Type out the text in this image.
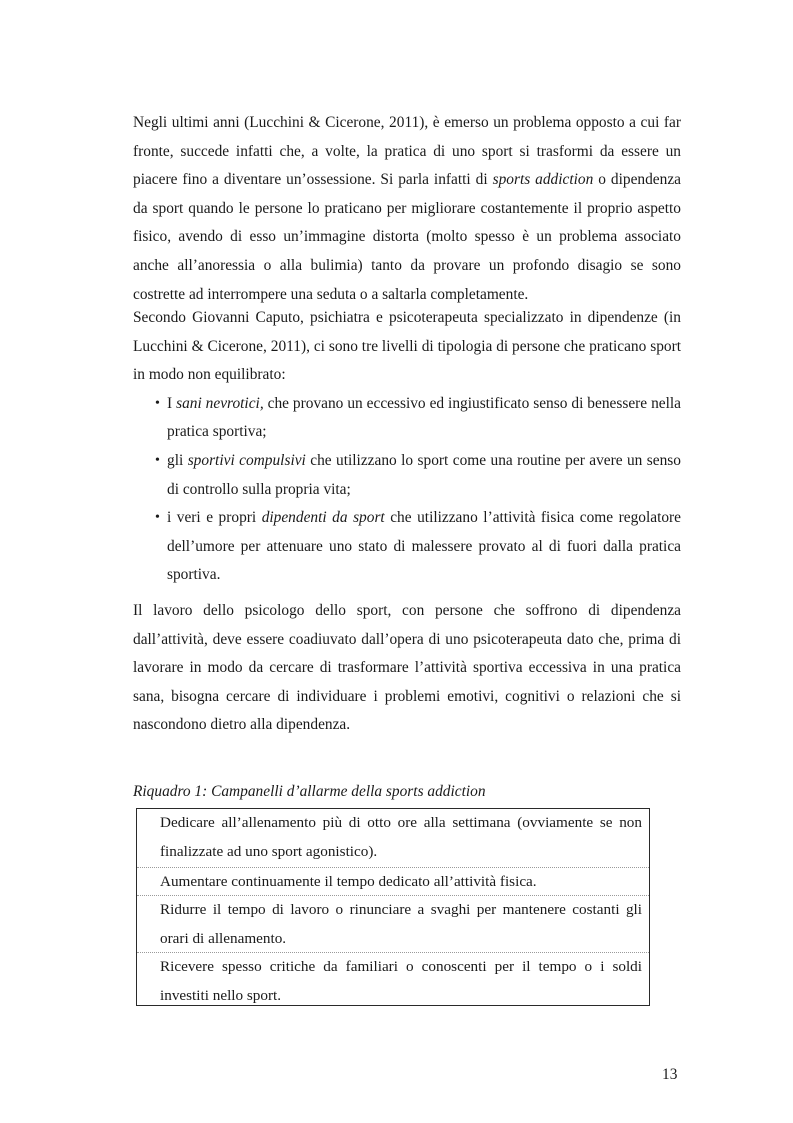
Negli ultimi anni (Lucchini & Cicerone, 2011), è emerso un problema opposto a cui far fronte, succede infatti che, a volte, la pratica di uno sport si trasformi da essere un piacere fino a diventare un’ossessione. Si parla infatti di sports addiction o dipendenza da sport quando le persone lo praticano per migliorare costantemente il proprio aspetto fisico, avendo di esso un’immagine distorta (molto spesso è un problema associato anche all’anoressia o alla bulimia) tanto da provare un profondo disagio se sono costrette ad interrompere una seduta o a saltarla completamente.

Secondo Giovanni Caputo, psichiatra e psicoterapeuta specializzato in dipendenze (in Lucchini & Cicerone, 2011), ci sono tre livelli di tipologia di persone che praticano sport in modo non equilibrato:

• I sani nevrotici, che provano un eccessivo ed ingiustificato senso di benessere nella pratica sportiva;
• gli sportivi compulsivi che utilizzano lo sport come una routine per avere un senso di controllo sulla propria vita;
• i veri e propri dipendenti da sport che utilizzano l’attività fisica come regolatore dell’umore per attenuare uno stato di malessere provato al di fuori dalla pratica sportiva.

Il lavoro dello psicologo dello sport, con persone che soffrono di dipendenza dall’attività, deve essere coadiuvato dall’opera di uno psicoterapeuta dato che, prima di lavorare in modo da cercare di trasformare l’attività sportiva eccessiva in una pratica sana, bisogna cercare di individuare i problemi emotivi, cognitivi o relazioni che si nascondono dietro alla dipendenza.

Riquadro 1: Campanelli d’allarme della sports addiction
Dedicare all’allenamento più di otto ore alla settimana (ovviamente se non finalizzate ad uno sport agonistico).
Aumentare continuamente il tempo dedicato all’attività fisica.
Ridurre il tempo di lavoro o rinunciare a svaghi per mantenere costanti gli orari di allenamento.
Ricevere spesso critiche da familiari o conoscenti per il tempo o i soldi investiti nello sport.
13
